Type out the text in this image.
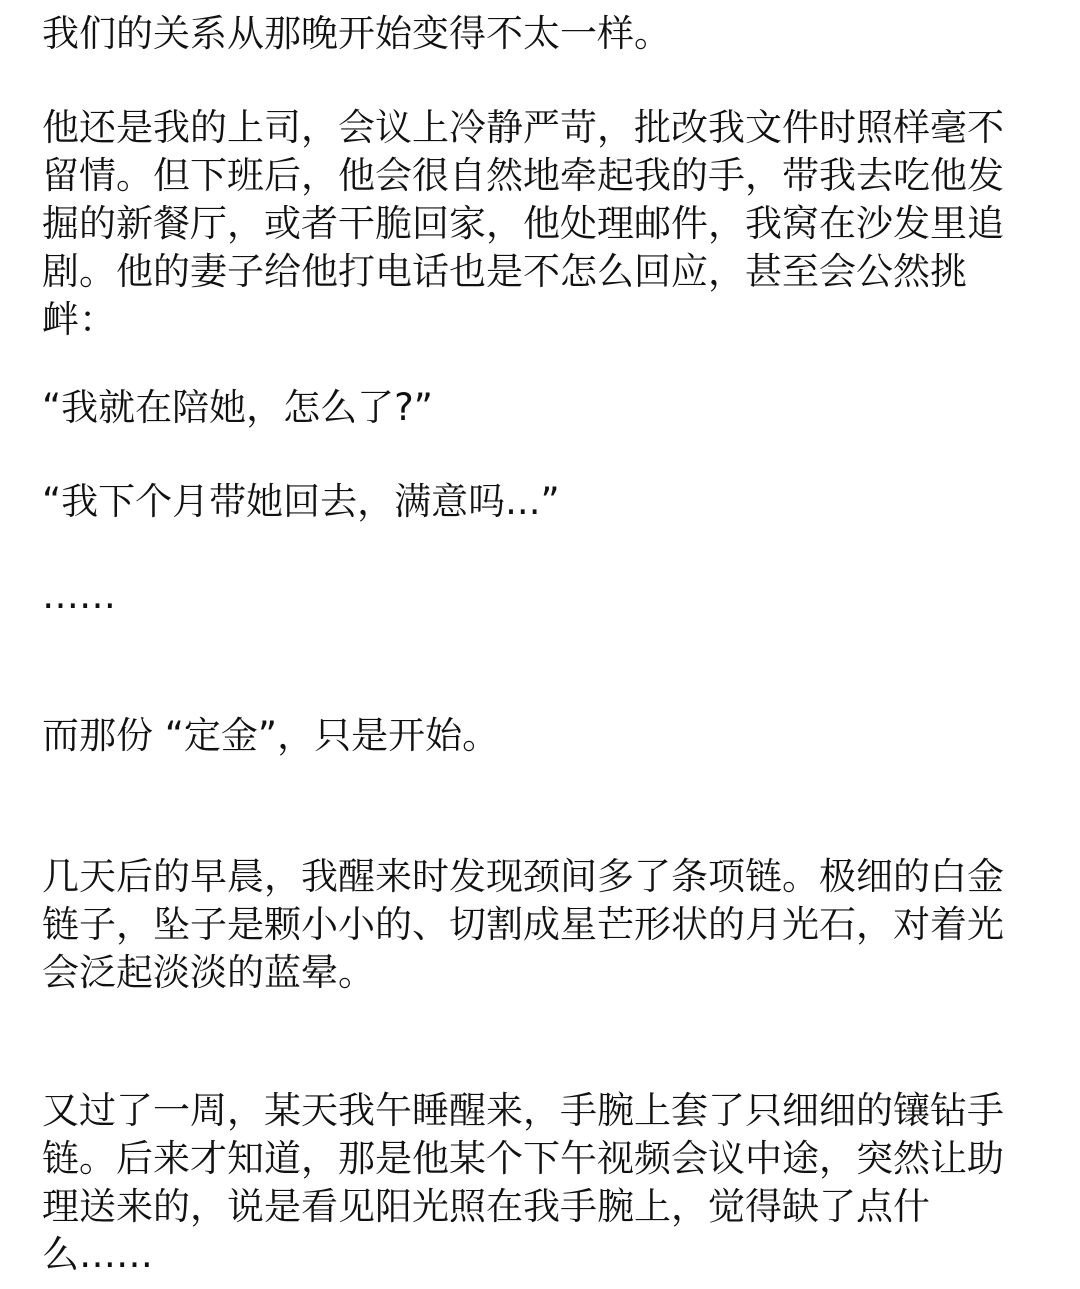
我们的关系从那晚开始变得不太一样。

他还是我的上司，会议上冷静严苛，批改我文件时照样毫不留情。但下班后，他会很自然地牵起我的手，带我去吃他发掘的新餐厅，或者干脆回家，他处理邮件，我窝在沙发里追剧。他的妻子给他打电话也是不怎么回应，甚至会公然挑衅：

“我就在陪她，怎么了?”

“我下个月带她回去，满意吗...”

……

而那份 “定金”，只是开始。

几天后的早晨，我醒来时发现颈间多了条项链。极细的白金链子，坠子是颗小小的、切割成星芒形状的月光石，对着光会泛起淡淡的蓝晕。

又过了一周，某天我午睡醒来，手腕上套了只细细的镶钻手链。后来才知道，那是他某个下午视频会议中途，突然让助理送来的，说是看见阳光照在我手腕上，觉得缺了点什么……
